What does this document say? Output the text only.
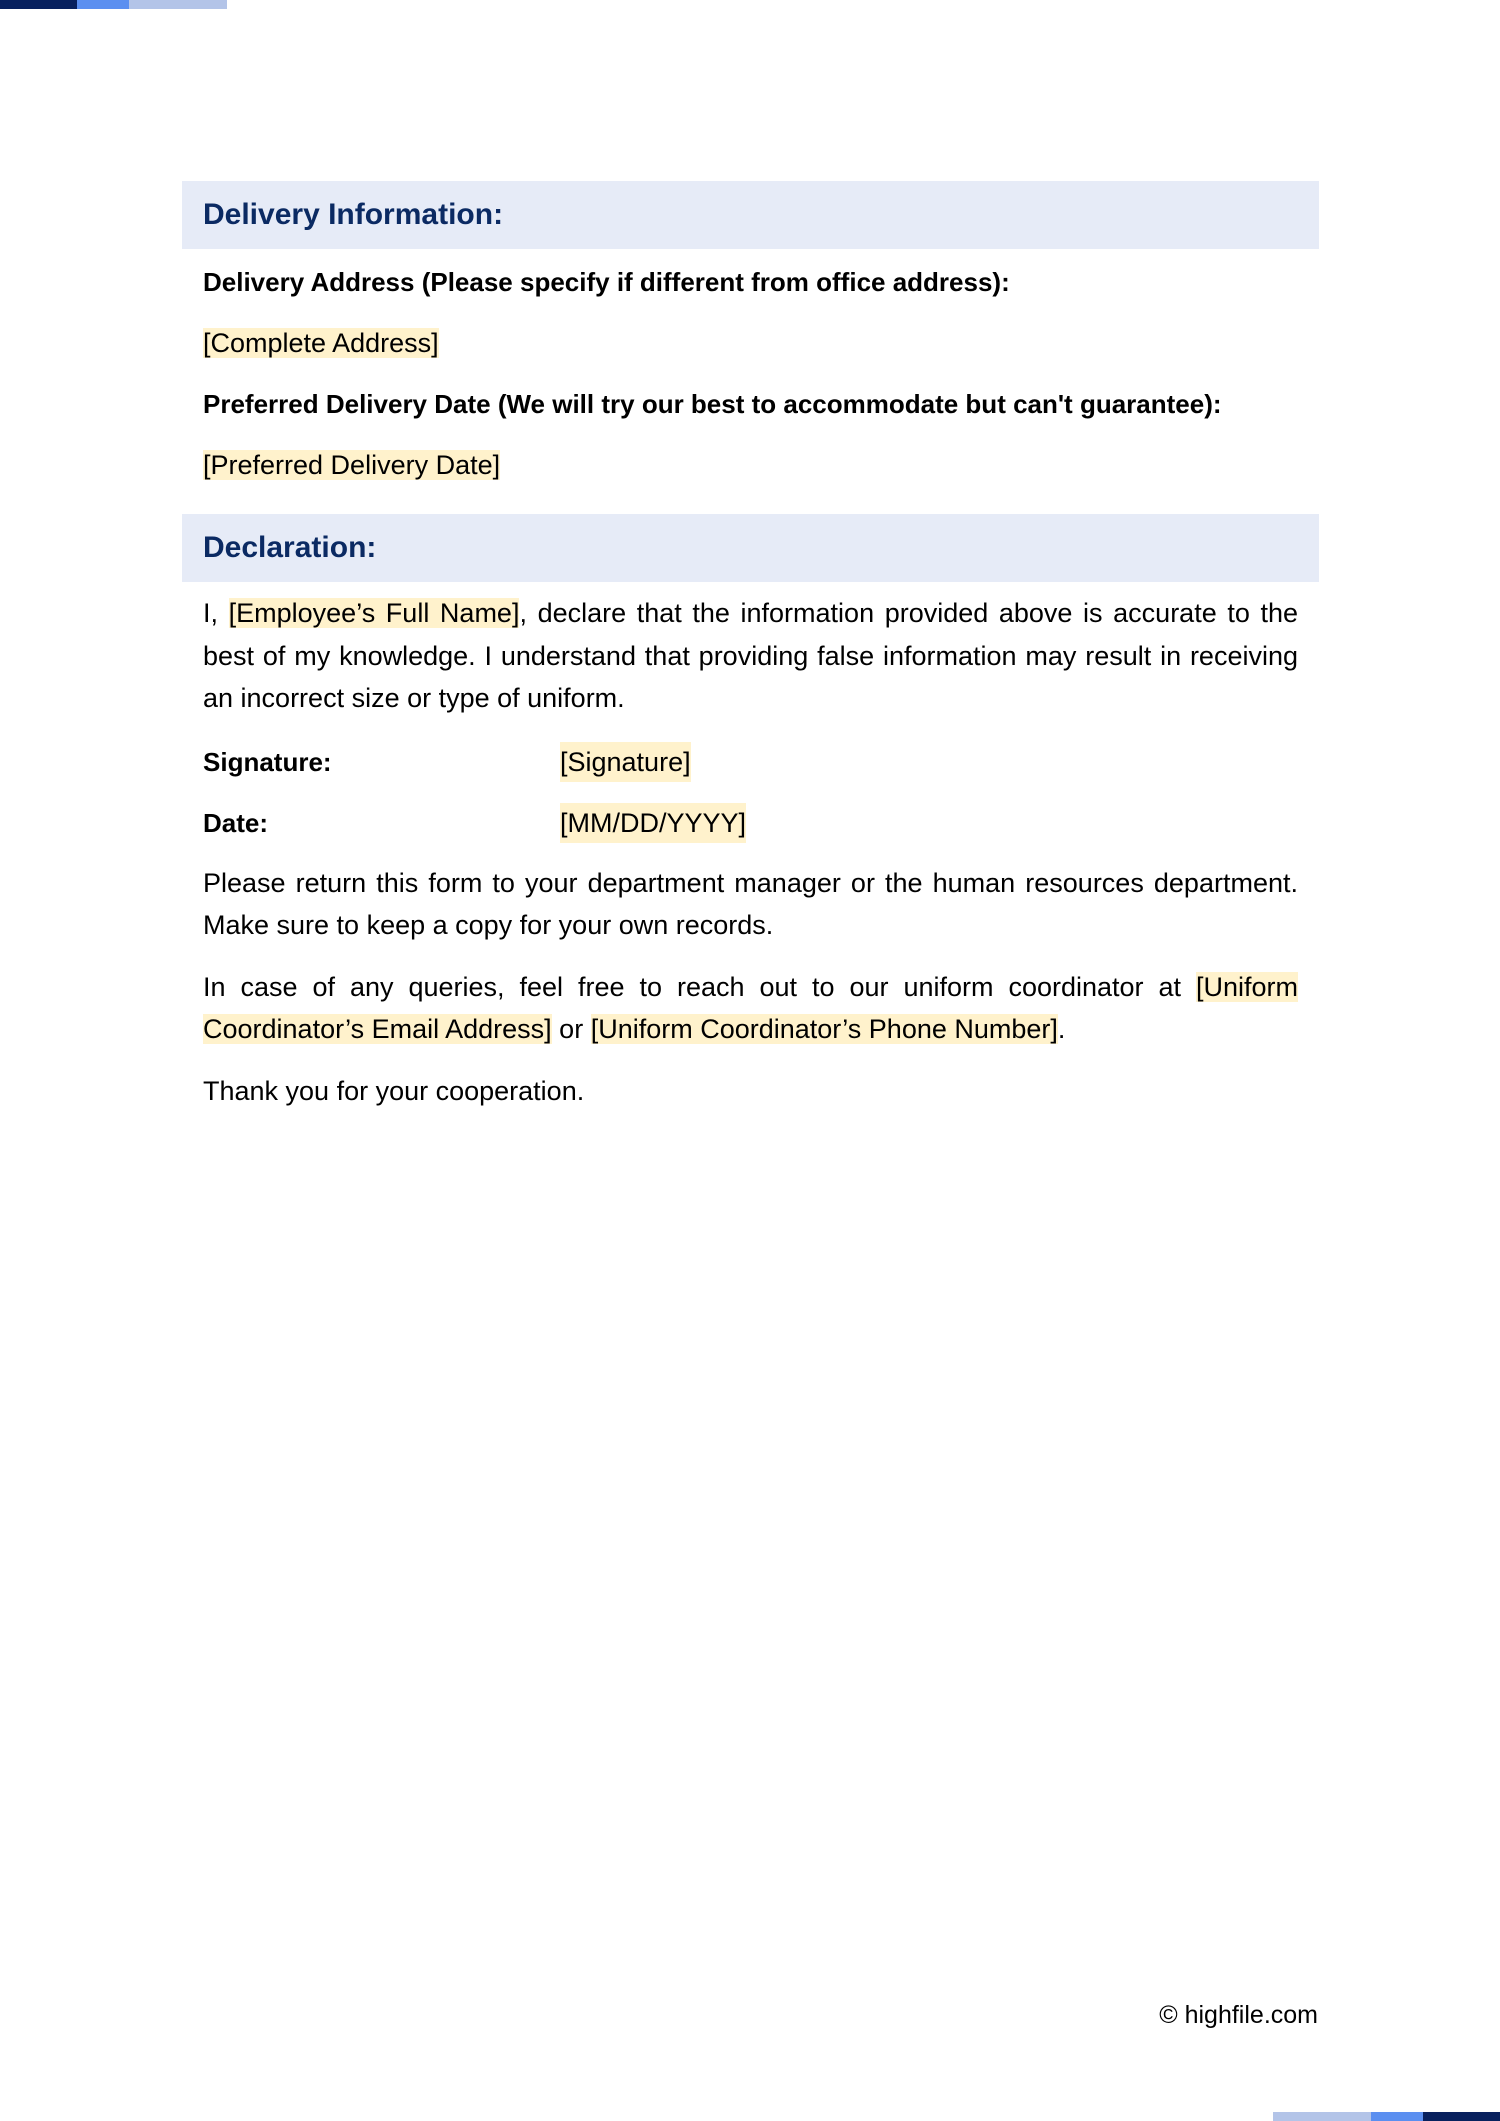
Delivery Information:

Delivery Address (Please specify if different from office address):

[Complete Address]

Preferred Delivery Date (We will try our best to accommodate but can't guarantee):

[Preferred Delivery Date]

Declaration:

I, [Employee’s Full Name], declare that the information provided above is accurate to the best of my knowledge. I understand that providing false information may result in receiving an incorrect size or type of uniform.

Signature:	[Signature]
Date:	[MM/DD/YYYY]

Please return this form to your department manager or the human resources department. Make sure to keep a copy for your own records.

In case of any queries, feel free to reach out to our uniform coordinator at [Uniform Coordinator’s Email Address] or [Uniform Coordinator’s Phone Number].

Thank you for your cooperation.

© highfile.com
